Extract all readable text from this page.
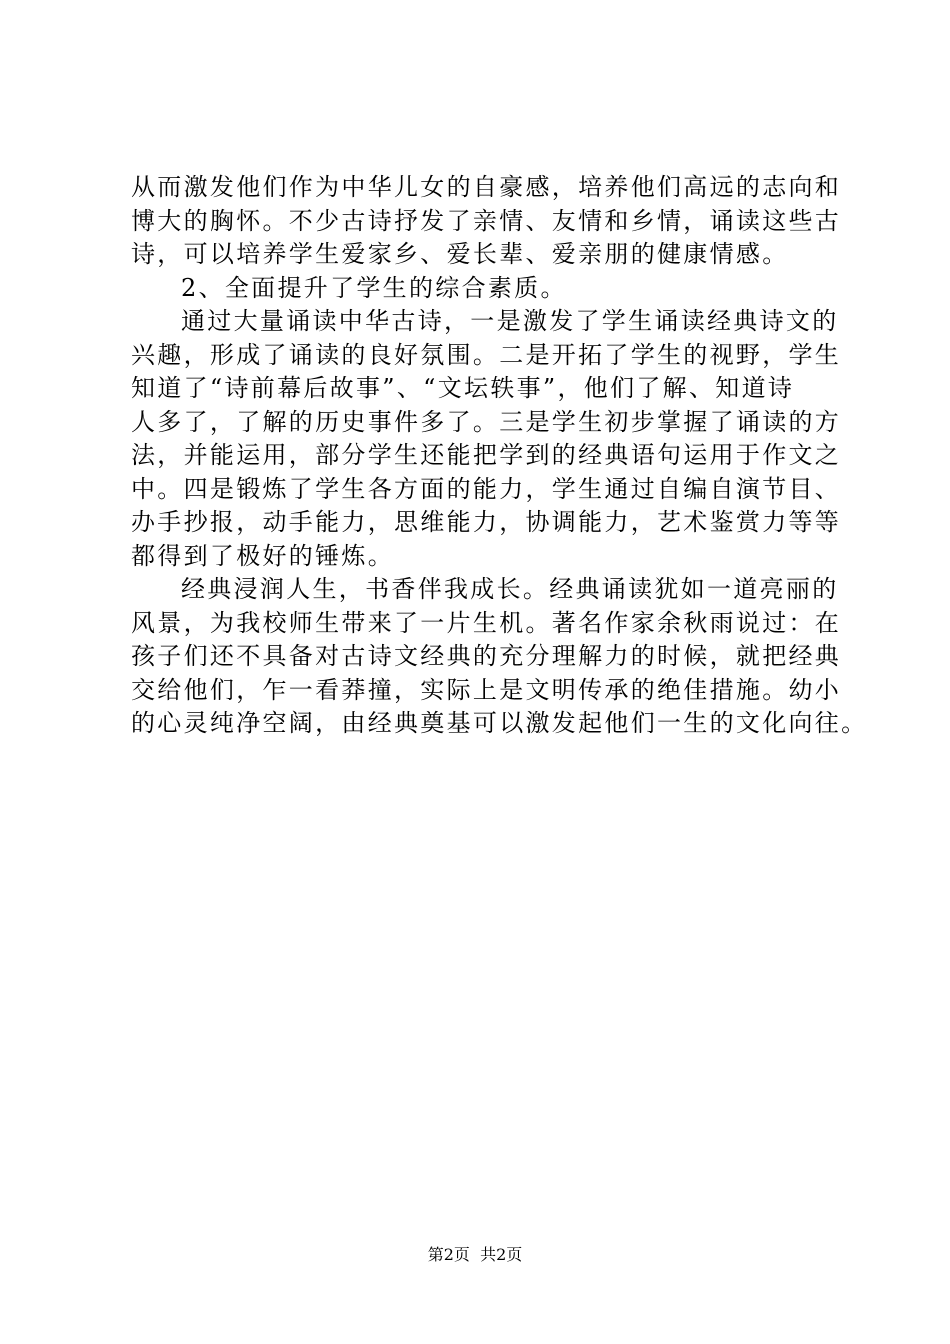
从而激发他们作为中华儿女的自豪感，培养他们高远的志向和
博大的胸怀。不少古诗抒发了亲情、友情和乡情，诵读这些古
诗，可以培养学生爱家乡、爱长辈、爱亲朋的健康情感。
2、全面提升了学生的综合素质。
通过大量诵读中华古诗，一是激发了学生诵读经典诗文的
兴趣，形成了诵读的良好氛围。二是开拓了学生的视野，学生
知道了“诗前幕后故事”、“文坛轶事”，他们了解、知道诗
人多了，了解的历史事件多了。三是学生初步掌握了诵读的方
法，并能运用，部分学生还能把学到的经典语句运用于作文之
中。四是锻炼了学生各方面的能力，学生通过自编自演节目、
办手抄报，动手能力，思维能力，协调能力，艺术鉴赏力等等
都得到了极好的锤炼。
经典浸润人生，书香伴我成长。经典诵读犹如一道亮丽的
风景，为我校师生带来了一片生机。著名作家余秋雨说过：在
孩子们还不具备对古诗文经典的充分理解力的时候，就把经典
交给他们，乍一看莽撞，实际上是文明传承的绝佳措施。幼小
的心灵纯净空阔，由经典奠基可以激发起他们一生的文化向往。
第2页  共2页
